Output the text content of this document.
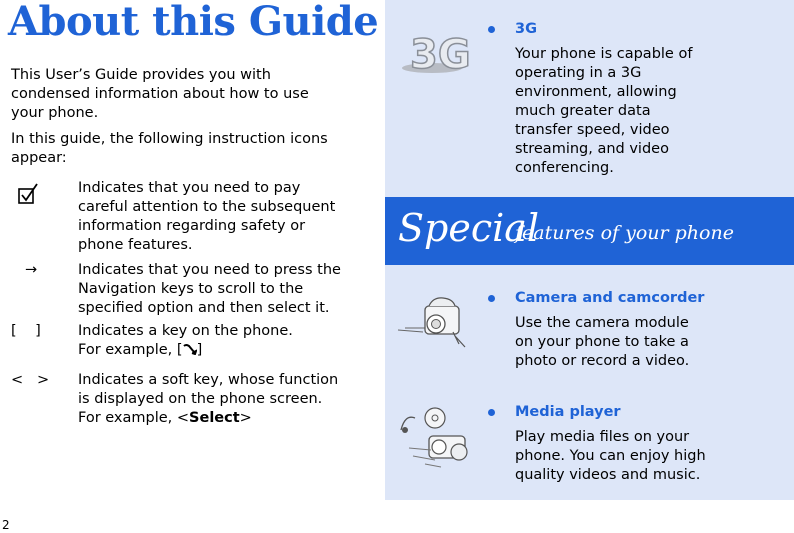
About this Guide

This User’s Guide provides you with condensed information about how to use your phone.

In this guide, the following instruction icons appear:

Indicates that you need to pay careful attention to the subsequent information regarding safety or phone features.
→	Indicates that you need to press the Navigation keys to scroll to the specified option and then select it.
[    ]	Indicates a key on the phone.
For example, [ ]
<   >	Indicates a soft key, whose function is displayed on the phone screen.
For example, <Select>
2
Special
features of your phone
3G
3G
Your phone is capable of operating in a 3G environment, allowing much greater data transfer speed, video streaming, and video conferencing.
Camera and camcorder
Use the camera module on your phone to take a photo or record a video.
Media player
Play media files on your phone. You can enjoy high quality videos and music.
